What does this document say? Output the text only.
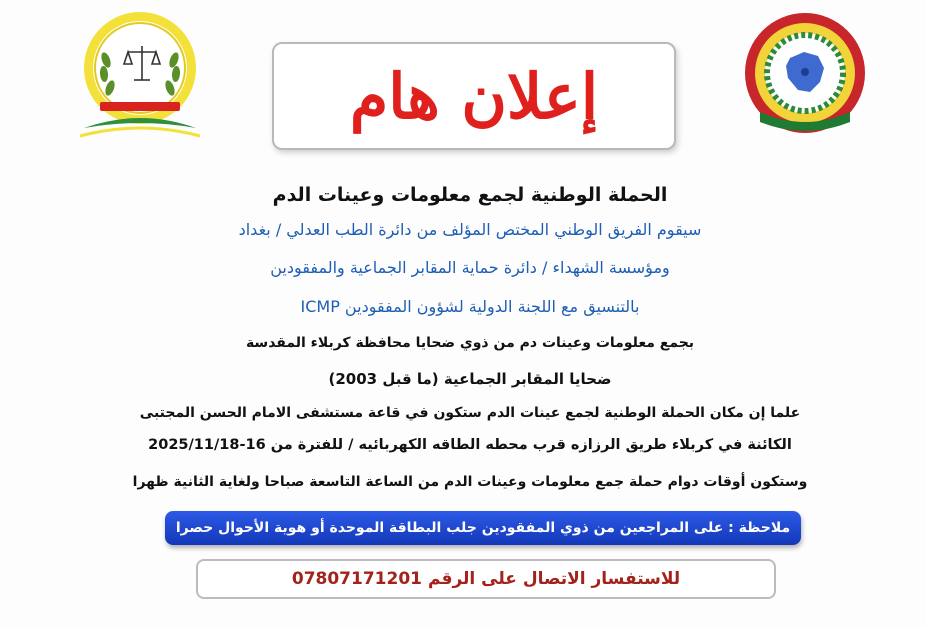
إعلان هام
الحملة الوطنية لجمع معلومات وعينات الدم
سيقوم الفريق الوطني المختص المؤلف من دائرة الطب العدلي / بغداد
ومؤسسة الشهداء / دائرة حماية المقابر الجماعية والمفقودين
بالتنسيق مع اللجنة الدولية لشؤون المفقودين ICMP
بجمع معلومات وعينات دم من ذوي ضحايا محافظة كربلاء المقدسة
ضحايا المقابر الجماعية (ما قبل 2003)
علما إن مكان الحملة الوطنية لجمع عينات الدم ستكون في قاعة مستشفى الامام الحسن المجتبى
الكائنة في كربلاء طريق الرزازه قرب محطه الطاقه الكهربائيه / للفترة من 16-2025/11/18
وستكون أوقات دوام حملة جمع معلومات وعينات الدم من الساعة التاسعة صباحا ولغاية الثانية ظهرا
ملاحظة : على المراجعين من ذوي المفقودين جلب البطاقة الموحدة أو هوية الأحوال حصرا
للاستفسار الاتصال على الرقم
07807171201
